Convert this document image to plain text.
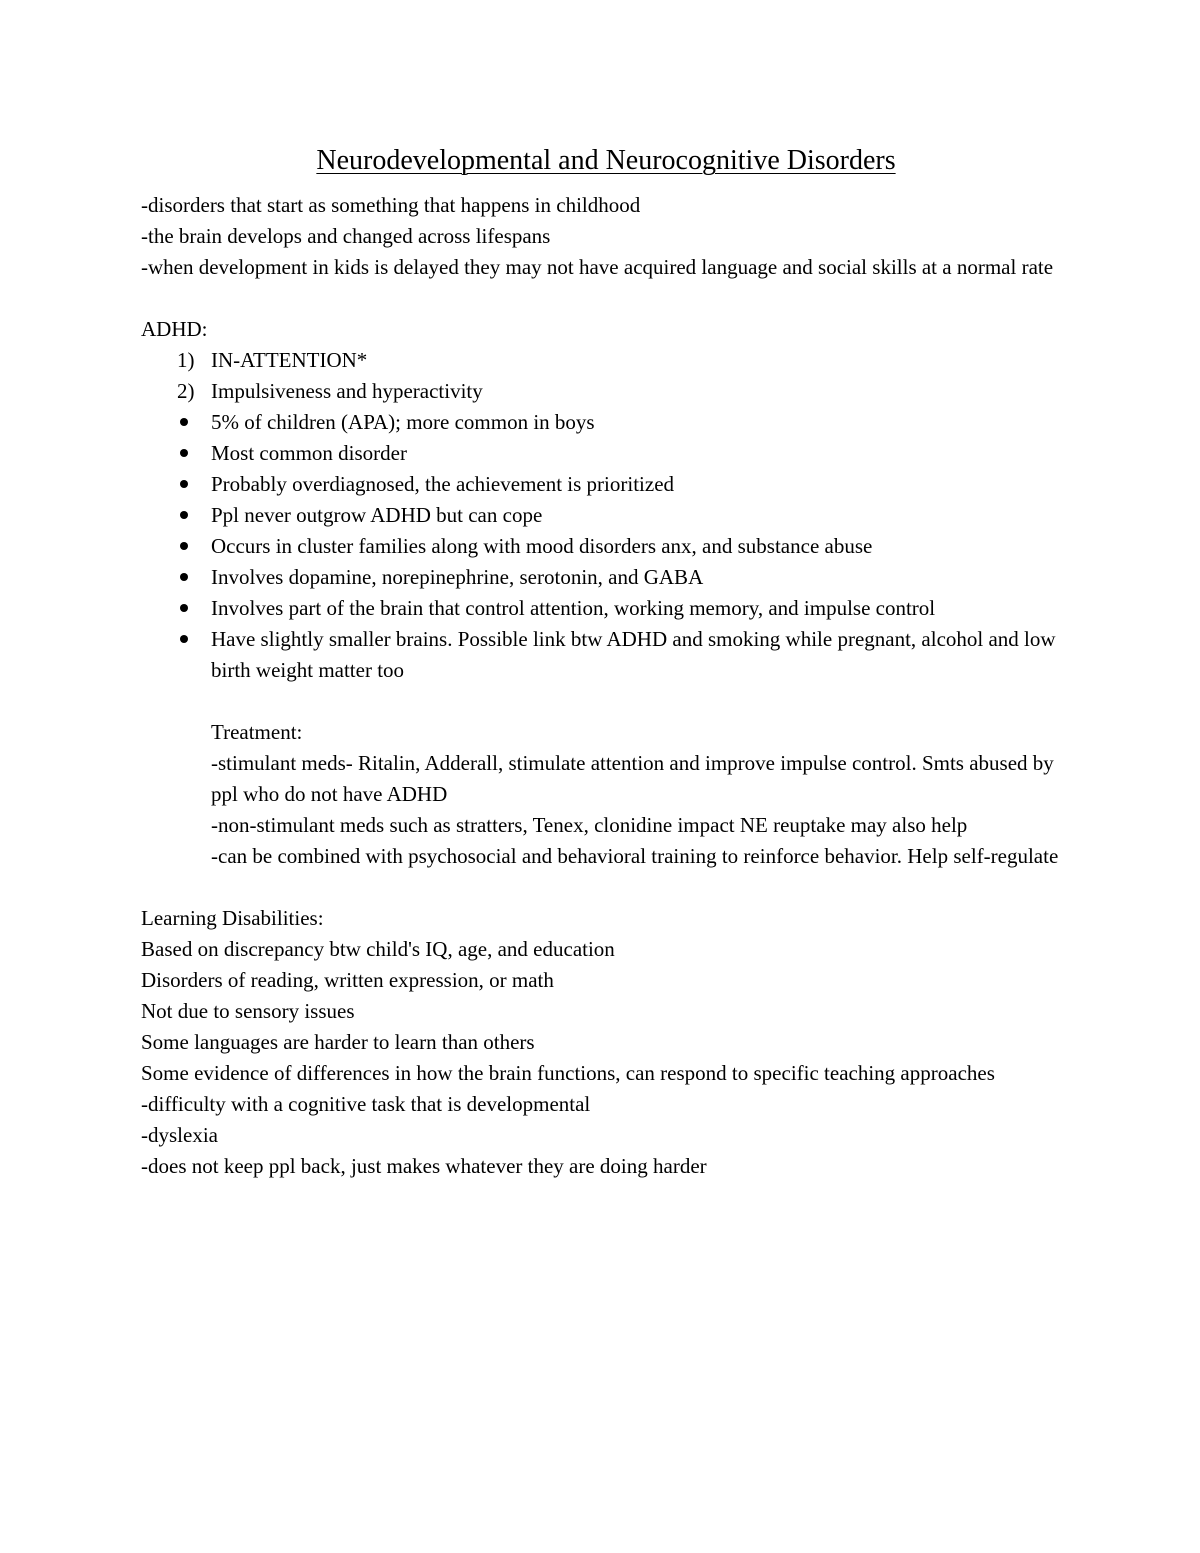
Neurodevelopmental and Neurocognitive Disorders

-disorders that start as something that happens in childhood

-the brain develops and changed across lifespans

-when development in kids is delayed they may not have acquired language and social skills at a normal rate

ADHD:

1) IN-ATTENTION*
2) Impulsiveness and hyperactivity
5% of children (APA); more common in boys
Most common disorder
Probably overdiagnosed, the achievement is prioritized
Ppl never outgrow ADHD but can cope
Occurs in cluster families along with mood disorders anx, and substance abuse
Involves dopamine, norepinephrine, serotonin, and GABA
Involves part of the brain that control attention, working memory, and impulse control
Have slightly smaller brains. Possible link btw ADHD and smoking while pregnant, alcohol and low birth weight matter too

Treatment:

-stimulant meds- Ritalin, Adderall, stimulate attention and improve impulse control. Smts abused by ppl who do not have ADHD

-non-stimulant meds such as stratters, Tenex, clonidine impact NE reuptake may also help

-can be combined with psychosocial and behavioral training to reinforce behavior. Help self-regulate

Learning Disabilities:

Based on discrepancy btw child's IQ, age, and education

Disorders of reading, written expression, or math

Not due to sensory issues

Some languages are harder to learn than others

Some evidence of differences in how the brain functions, can respond to specific teaching approaches

-difficulty with a cognitive task that is developmental

-dyslexia

-does not keep ppl back, just makes whatever they are doing harder
